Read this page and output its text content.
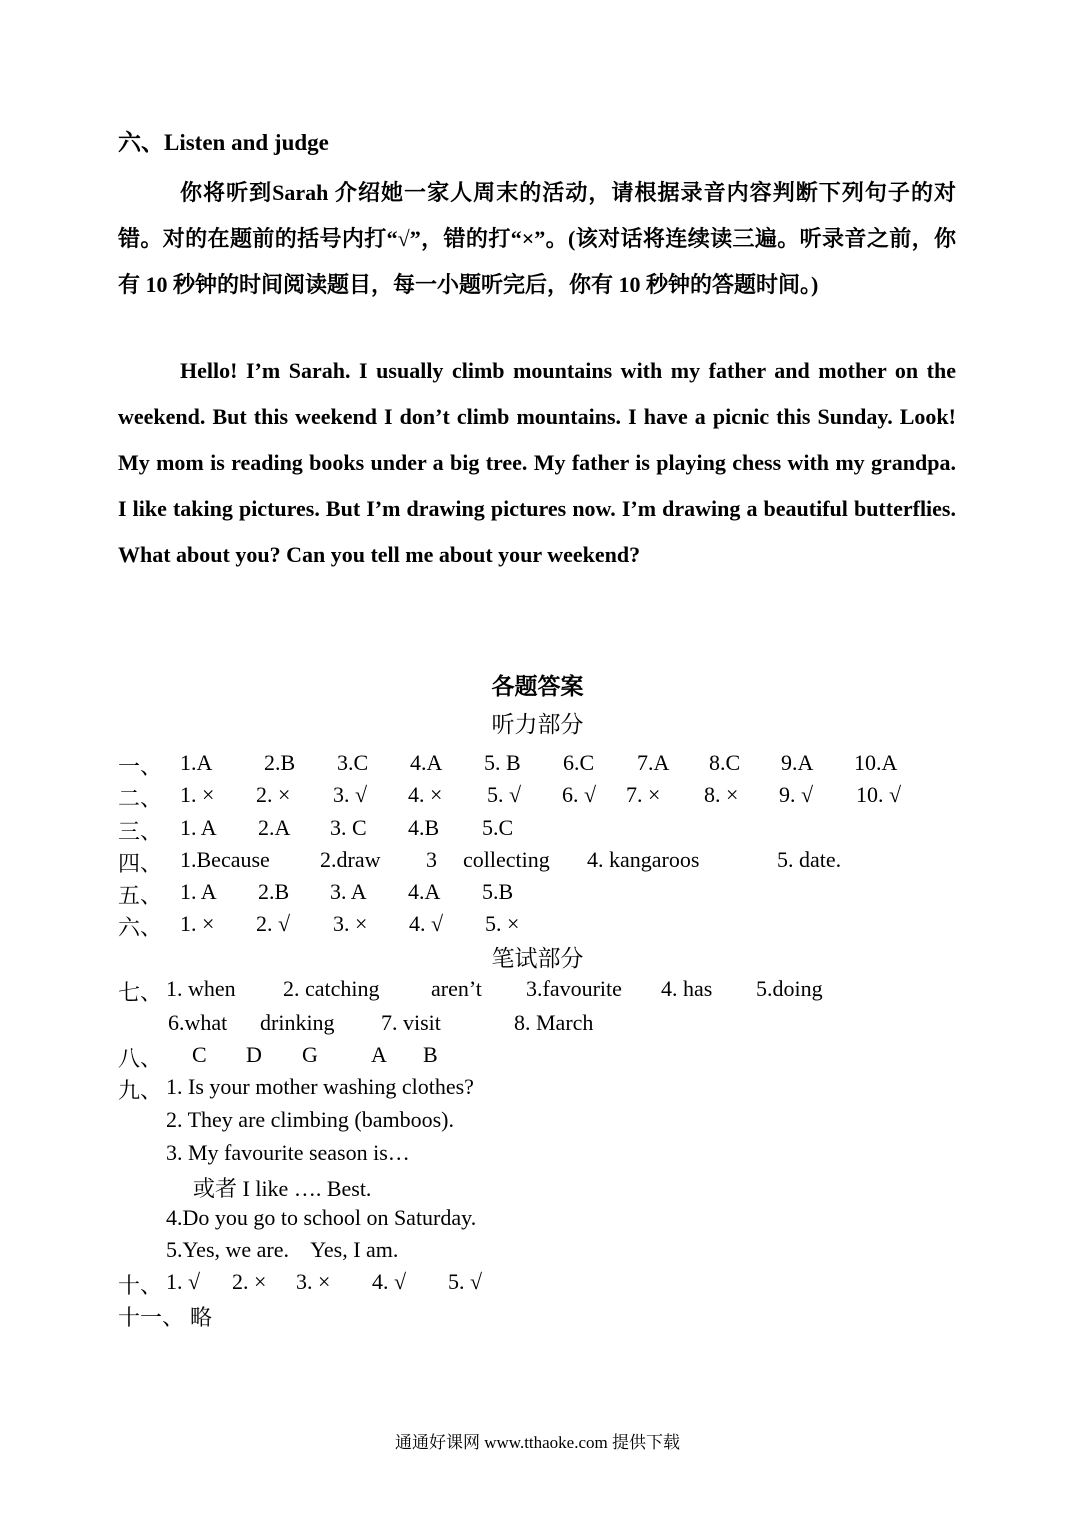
六、Listen and judge
你将听到Sarah 介绍她一家人周末的活动，请根据录音内容判断下列句子的对错。对的在题前的括号内打“√”，错的打“×”。(该对话将连续读三遍。听录音之前，你有 10 秒钟的时间阅读题目，每一小题听完后，你有 10 秒钟的答题时间。)
Hello! I’m Sarah. I usually climb mountains with my father and mother on the weekend. But this weekend I don’t climb mountains. I have a picnic this Sunday. Look! My mom is reading books under a big tree. My father is playing chess with my grandpa. I like taking pictures. But I’m drawing pictures now. I’m drawing a beautiful butterflies. What about you? Can you tell me about your weekend?
各题答案
听力部分
一、 1.A 2.B 3.C 4.A 5. B 6.C 7.A 8.C 9.A 10.A
二、 1. × 2. × 3. √ 4. × 5. √ 6. √ 7. × 8. × 9. √ 10. √
三、 1. A 2.A 3. C 4.B 5.C
四、 1.Because 2.draw 3 collecting 4. kangaroos	5. date.
五、 1. A 2.B 3. A 4.A 5.B
六、 1. × 2. √ 3. × 4. √ 5. ×
笔试部分
七、 1. when 2. catching aren’t 3.favourite 4. has 5.doing
6.what drinking 7. visit	8. March
八、 C D G A B
九、 1. Is your mother washing clothes?
2. They are climbing (bamboos).
3. My favourite season is…
或者 I like …. Best.
4.Do you go to school on Saturday.
5.Yes, we are.    Yes, I am.
十、 1. √ 2. × 3. × 4. √ 5. √
十一、 略
通通好课网 www.tthaoke.com 提供下载
